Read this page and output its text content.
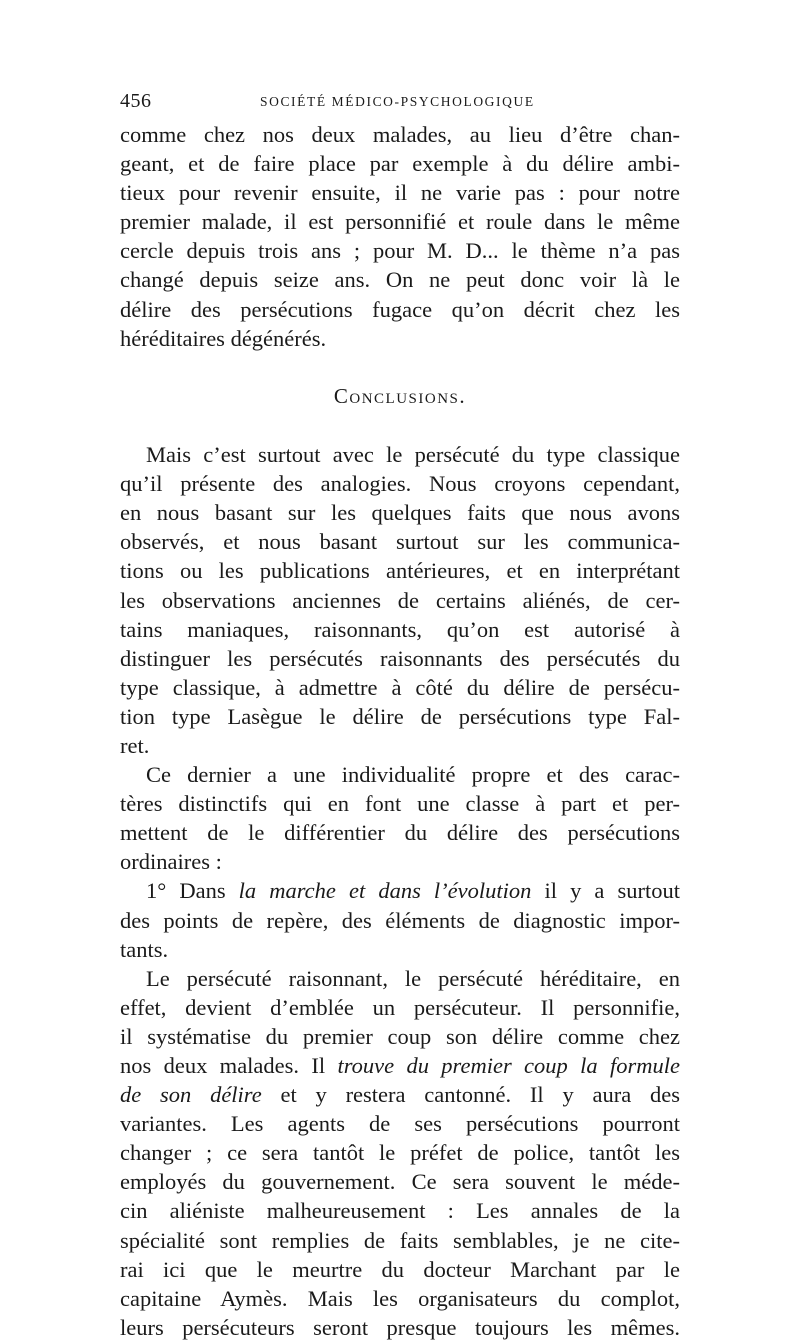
456	SOCIÉTÉ MÉDICO-PSYCHOLOGIQUE
comme chez nos deux malades, au lieu d’être chan-
geant, et de faire place par exemple à du délire ambi-
tieux pour revenir ensuite, il ne varie pas : pour notre
premier malade, il est personnifié et roule dans le même
cercle depuis trois ans ; pour M. D... le thème n’a pas
changé depuis seize ans. On ne peut donc voir là le
délire des persécutions fugace qu’on décrit chez les
héréditaires dégénérés.
Conclusions.
Mais c’est surtout avec le persécuté du type classique
qu’il présente des analogies. Nous croyons cependant,
en nous basant sur les quelques faits que nous avons
observés, et nous basant surtout sur les communica-
tions ou les publications antérieures, et en interprétant
les observations anciennes de certains aliénés, de cer-
tains maniaques, raisonnants, qu’on est autorisé à
distinguer les persécutés raisonnants des persécutés du
type classique, à admettre à côté du délire de persécu-
tion type Lasègue le délire de persécutions type Fal-
ret.
Ce dernier a une individualité propre et des carac-
tères distinctifs qui en font une classe à part et per-
mettent de le différentier du délire des persécutions
ordinaires :
1° Dans la marche et dans l’évolution il y a surtout
des points de repère, des éléments de diagnostic impor-
tants.
Le persécuté raisonnant, le persécuté héréditaire, en
effet, devient d’emblée un persécuteur. Il personnifie,
il systématise du premier coup son délire comme chez
nos deux malades. Il trouve du premier coup la formule
de son délire et y restera cantonné. Il y aura des
variantes. Les agents de ses persécutions pourront
changer ; ce sera tantôt le préfet de police, tantôt les
employés du gouvernement. Ce sera souvent le méde-
cin aliéniste malheureusement : Les annales de la
spécialité sont remplies de faits semblables, je ne cite-
rai ici que le meurtre du docteur Marchant par le
capitaine Aymès. Mais les organisateurs du complot,
leurs persécuteurs seront presque toujours les mêmes.
